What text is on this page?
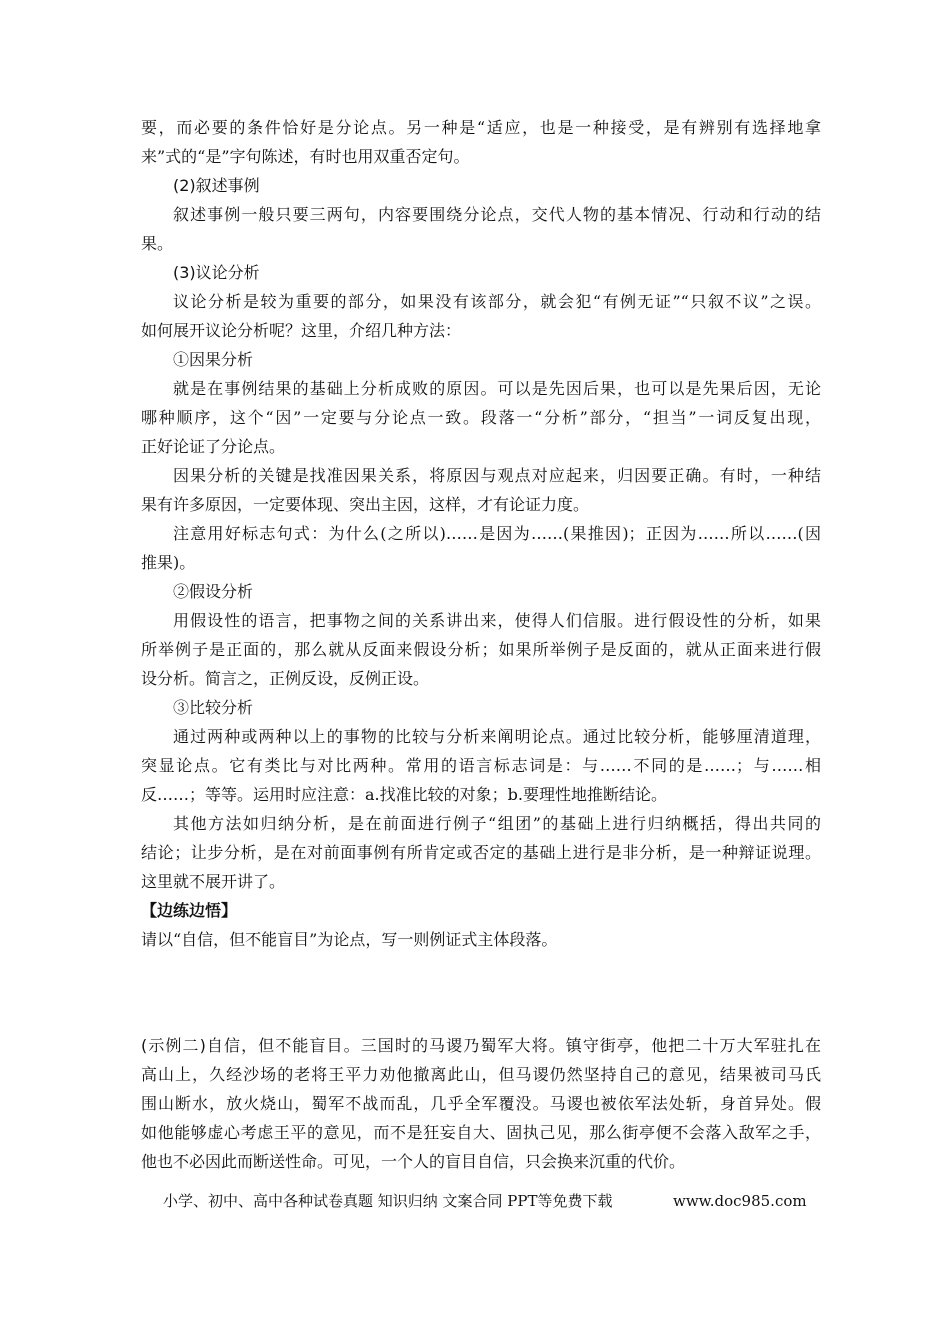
要，而必要的条件恰好是分论点。另一种是“适应，也是一种接受，是有辨别有选择地拿
来”式的“是”字句陈述，有时也用双重否定句。
(2)叙述事例
叙述事例一般只要三两句，内容要围绕分论点，交代人物的基本情况、行动和行动的结
果。
(3)议论分析
议论分析是较为重要的部分，如果没有该部分，就会犯“有例无证”“只叙不议”之误。
如何展开议论分析呢？这里，介绍几种方法：
①因果分析
就是在事例结果的基础上分析成败的原因。可以是先因后果，也可以是先果后因，无论
哪种顺序，这个“因”一定要与分论点一致。段落一“分析”部分，“担当”一词反复出现，
正好论证了分论点。
因果分析的关键是找准因果关系，将原因与观点对应起来，归因要正确。有时，一种结
果有许多原因，一定要体现、突出主因，这样，才有论证力度。
注意用好标志句式：为什么(之所以)……是因为……(果推因)；正因为……所以……(因
推果)。
②假设分析
用假设性的语言，把事物之间的关系讲出来，使得人们信服。进行假设性的分析，如果
所举例子是正面的，那么就从反面来假设分析；如果所举例子是反面的，就从正面来进行假
设分析。简言之，正例反设，反例正设。
③比较分析
通过两种或两种以上的事物的比较与分析来阐明论点。通过比较分析，能够厘清道理，
突显论点。它有类比与对比两种。常用的语言标志词是：与……不同的是……；与……相
反……；等等。运用时应注意：a.找准比较的对象；b.要理性地推断结论。
其他方法如归纳分析，是在前面进行例子“组团”的基础上进行归纳概括，得出共同的
结论；让步分析，是在对前面事例有所肯定或否定的基础上进行是非分析，是一种辩证说理。
这里就不展开讲了。
【边练边悟】
请以“自信，但不能盲目”为论点，写一则例证式主体段落。
(示例二)自信，但不能盲目。三国时的马谡乃蜀军大将。镇守街亭，他把二十万大军驻扎在
高山上，久经沙场的老将王平力劝他撤离此山，但马谡仍然坚持自己的意见，结果被司马氏
围山断水，放火烧山，蜀军不战而乱，几乎全军覆没。马谡也被依军法处斩，身首异处。假
如他能够虚心考虑王平的意见，而不是狂妄自大、固执己见，那么街亭便不会落入敌军之手，
他也不必因此而断送性命。可见，一个人的盲目自信，只会换来沉重的代价。
小学、初中、高中各种试卷真题 知识归纳 文案合同 PPT等免费下载	www.doc985.com
